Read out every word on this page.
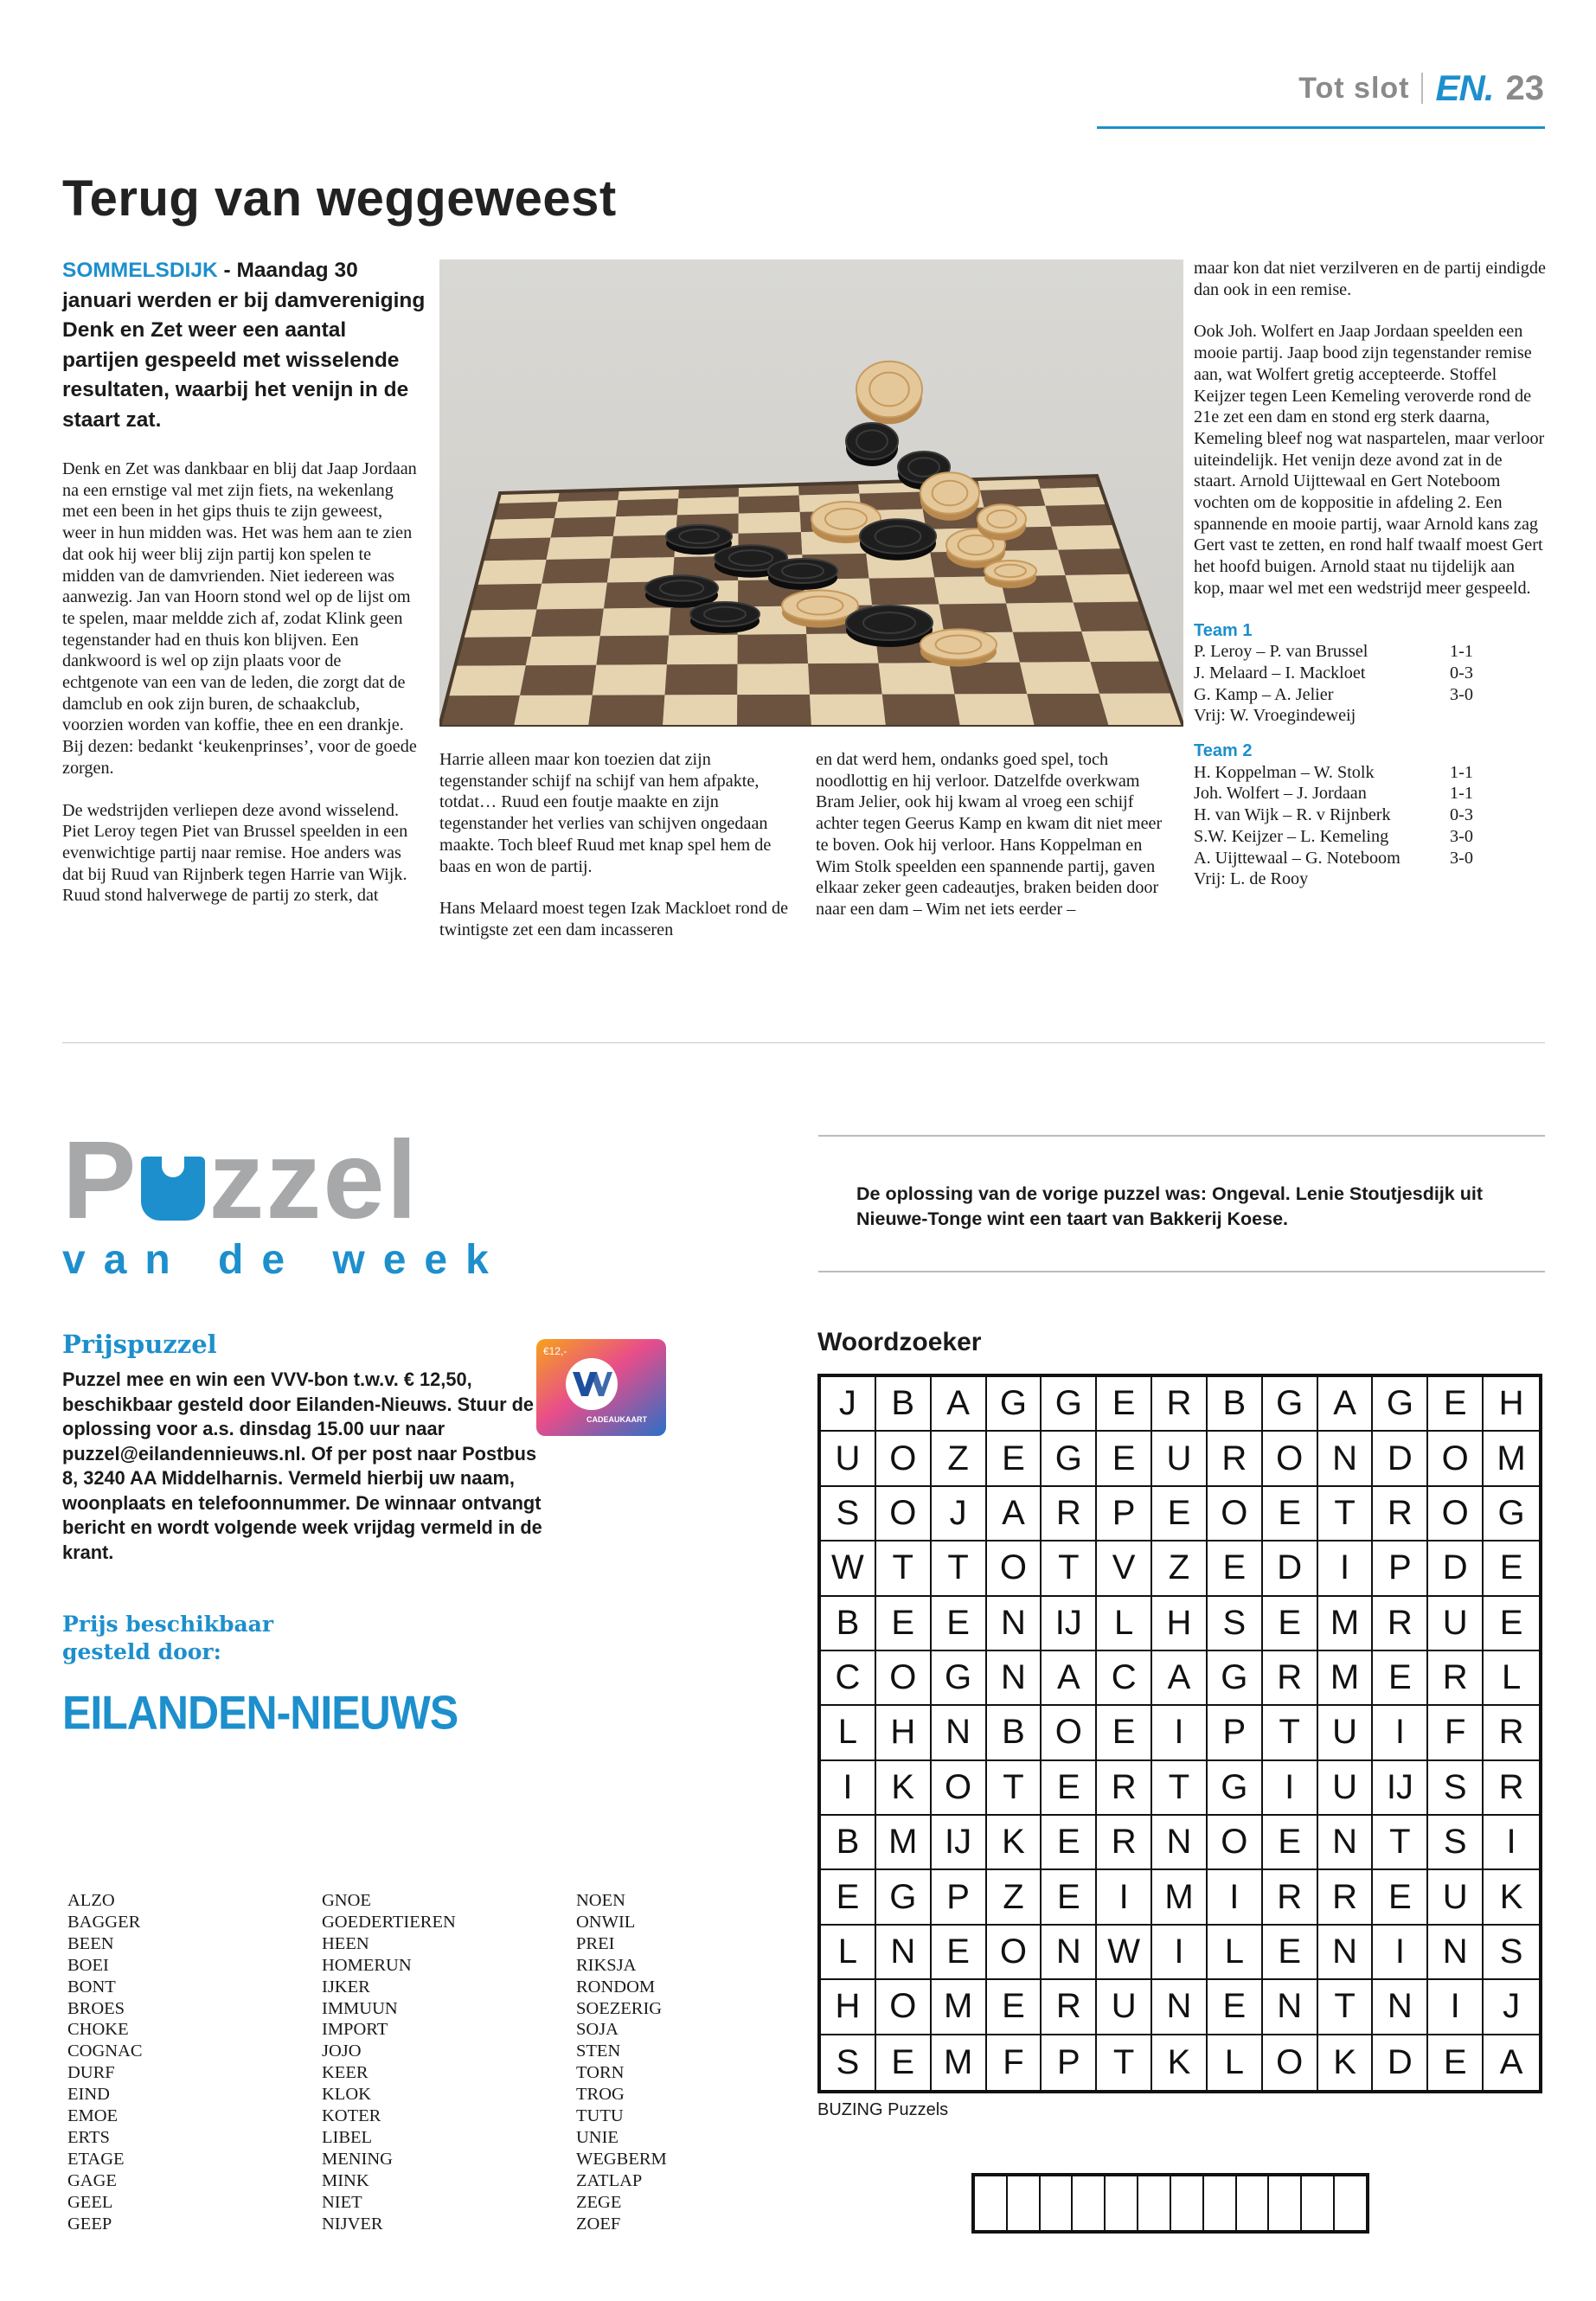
Tot slot EN. 23
Terug van weggeweest
SOMMELSDIJK - Maandag 30 januari werden er bij damvereniging Denk en Zet weer een aantal partijen gespeeld met wisselende resultaten, waarbij het venijn in de staart zat.

Denk en Zet was dankbaar en blij dat Jaap Jordaan na een ernstige val met zijn fiets, na wekenlang met een been in het gips thuis te zijn geweest, weer in hun midden was. Het was hem aan te zien dat ook hij weer blij zijn partij kon spelen te midden van de damvrienden. Niet iedereen was aanwezig. Jan van Hoorn stond wel op de lijst om te spelen, maar meldde zich af, zodat Klink geen tegenstander had en thuis kon blijven. Een dankwoord is wel op zijn plaats voor de echtgenote van een van de leden, die zorgt dat de damclub en ook zijn buren, de schaakclub, voorzien worden van koffie, thee en een drankje. Bij dezen: bedankt ‘keukenprinses’, voor de goede zorgen.

De wedstrijden verliepen deze avond wisselend. Piet Leroy tegen Piet van Brussel speelden in een evenwichtige partij naar remise. Hoe anders was dat bij Ruud van Rijnberk tegen Harrie van Wijk. Ruud stond halverwege de partij zo sterk, dat

Harrie alleen maar kon toezien dat zijn tegenstander schijf na schijf van hem afpakte, totdat… Ruud een foutje maakte en zijn tegenstander het verlies van schijven ongedaan maakte. Toch bleef Ruud met knap spel hem de baas en won de partij.

Hans Melaard moest tegen Izak Mackloet rond de twintigste zet een dam incasseren

en dat werd hem, ondanks goed spel, toch noodlottig en hij verloor. Datzelfde overkwam Bram Jelier, ook hij kwam al vroeg een schijf achter tegen Geerus Kamp en kwam dit niet meer te boven. Ook hij verloor. Hans Koppelman en Wim Stolk speelden een spannende partij, gaven elkaar zeker geen cadeautjes, braken beiden door naar een dam – Wim net iets eerder –

maar kon dat niet verzilveren en de partij eindigde dan ook in een remise.

Ook Joh. Wolfert en Jaap Jordaan speelden een mooie partij. Jaap bood zijn tegenstander remise aan, wat Wolfert gretig accepteerde. Stoffel Keijzer tegen Leen Kemeling veroverde rond de 21e zet een dam en stond erg sterk daarna, Kemeling bleef nog wat naspartelen, maar verloor uiteindelijk. Het venijn deze avond zat in de staart. Arnold Uijttewaal en Gert Noteboom vochten om de koppositie in afdeling 2. Een spannende en mooie partij, waar Arnold kans zag Gert vast te zetten, en rond half twaalf moest Gert het hoofd buigen. Arnold staat nu tijdelijk aan kop, maar wel met een wedstrijd meer gespeeld.

Team 1
P. Leroy – P. van Brussel	1-1
J. Melaard – I. Mackloet	0-3
G. Kamp – A. Jelier	3-0
Vrij: W. Vroegindeweij
Team 2
H. Koppelman – W. Stolk	1-1
Joh. Wolfert – J. Jordaan	1-1
H. van Wijk – R. v Rijnberk	0-3
S.W. Keijzer – L. Kemeling	3-0
A. Uijttewaal – G. Noteboom	3-0
Vrij: L. de Rooy
P zzel
van de week
De oplossing van de vorige puzzel was: Ongeval. Lenie Stoutjesdijk uit Nieuwe-Tonge wint een taart van Bakkerij Koese.
Prijspuzzel
Puzzel mee en win een VVV-bon t.w.v. € 12,50, beschikbaar gesteld door Eilanden-Nieuws. Stuur de oplossing voor a.s. dinsdag 15.00 uur naar puzzel@eilandennieuws.nl. Of per post naar Postbus 8, 3240 AA Middelharnis. Vermeld hierbij uw naam, woonplaats en telefoonnummer. De winnaar ontvangt bericht en wordt volgende week vrijdag vermeld in de krant.
€12,-
CADEAUKAART
Prijs beschikbaar gesteld door:
EILANDEN-NIEUWS
ALZO
BAGGER
BEEN
BOEI
BONT
BROES
CHOKE
COGNAC
DURF
EIND
EMOE
ERTS
ETAGE
GAGE
GEEL
GEEP
GNOE
GOEDERTIEREN
HEEN
HOMERUN
IJKER
IMMUUN
IMPORT
JOJO
KEER
KLOK
KOTER
LIBEL
MENING
MINK
NIET
NIJVER
NOEN
ONWIL
PREI
RIKSJA
RONDOM
SOEZERIG
SOJA
STEN
TORN
TROG
TUTU
UNIE
WEGBERM
ZATLAP
ZEGE
ZOEF
Woordzoeker
J	B A G G E R B G A G E H
U O Z E G E U R O N D O M
S O J	A R P E O E T R O G
W T T O T V Z E D	I	P D E
B E E N IJ L H S E M R U E
C O G N A C A G R M E R L
L H N B O E	I	P T U	I	F R
I	K O T E R T G	I	U IJ S R
B M IJ K E R N O E N T S	I
E G P Z E	I	M	I	R R E U K
L N E O N W I	L E N	I	N S
H O M E R U N E N T N	I	J
S E M F P T K L O K D E A
BUZING Puzzels
